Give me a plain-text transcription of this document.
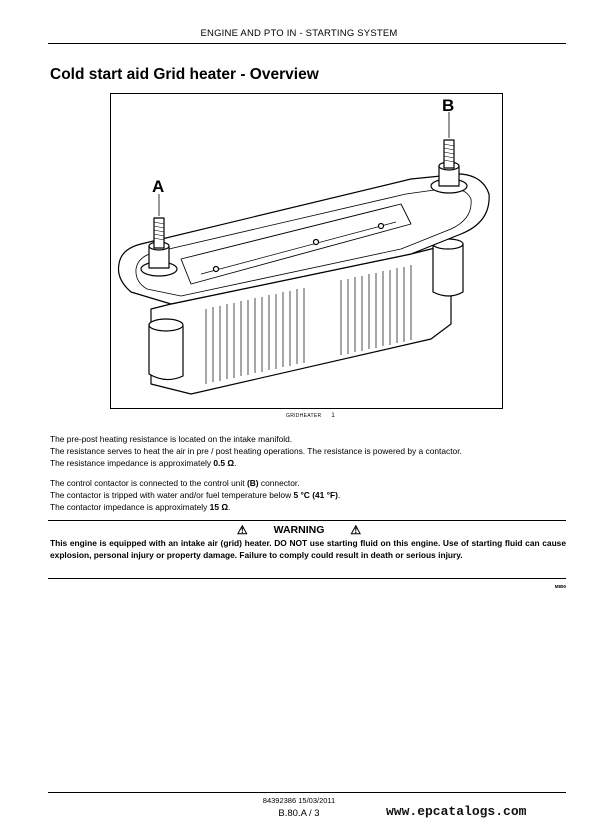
ENGINE AND PTO IN - STARTING SYSTEM
Cold start aid Grid heater - Overview
A
B
GRIDHEATER 1
The pre-post heating resistance is located on the intake manifold.
The resistance serves to heat the air in pre / post heating operations. The resistance is powered by a contactor.
The resistance impedance is approximately 0.5 Ω.
The control contactor is connected to the control unit (B) connector.
The contactor is tripped with water and/or fuel temperature below 5 °C (41 °F).
The contactor impedance is approximately 15 Ω.
⚠ WARNING ⚠
This engine is equipped with an intake air (grid) heater. DO NOT use starting fluid on this engine. Use of starting fluid can cause explosion, personal injury or property damage. Failure to comply could result in death or serious injury.
M850
84392386 15/03/2011
B.80.A / 3	www.epcatalogs.com
